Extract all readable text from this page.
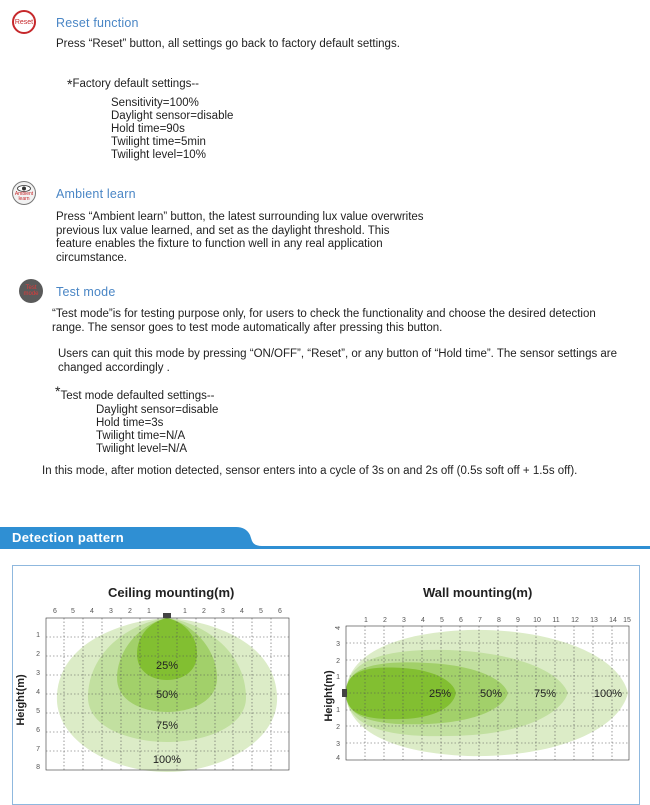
Reset Reset function
Press “Reset” button, all settings go back to factory default settings.
*Factory default settings--
Sensitivity=100%
Daylight sensor=disable
Hold time=90s
Twilight time=5min
Twilight level=10%
Ambient learn	Ambient learn
Press “Ambient learn” button, the latest surrounding lux value overwrites previous lux value learned, and set as the daylight threshold. This feature enables the fixture to function well in any real application circumstance.
Test mode Test mode
“Test mode”is for testing purpose only, for users to check the functionality and choose the desired detection range. The sensor goes to test mode automatically after pressing this button.
Users can quit this mode by pressing “ON/OFF”, “Reset”, or any button of “Hold time”. The sensor settings are changed accordingly .
*Test mode defaulted settings--
Daylight sensor=disable
Hold time=3s
Twilight time=N/A
Twilight level=N/A
In this mode, after motion detected, sensor enters into a cycle of 3s on and 2s off (0.5s soft off + 1.5s off).
Detection pattern
Ceiling mounting(m)
6 5 4 3 2 1	1 2 3 4 5 6
1
2
3
4
5
6
7
8
Height(m)
25%
50%
75%
100%
Wall mounting(m)
1 2 3 4 5 6 7 8 9 10 11 12 13 14 15
4
3
2
1
1
2
3
4
Height(m)	25%	50%	75%	100%
